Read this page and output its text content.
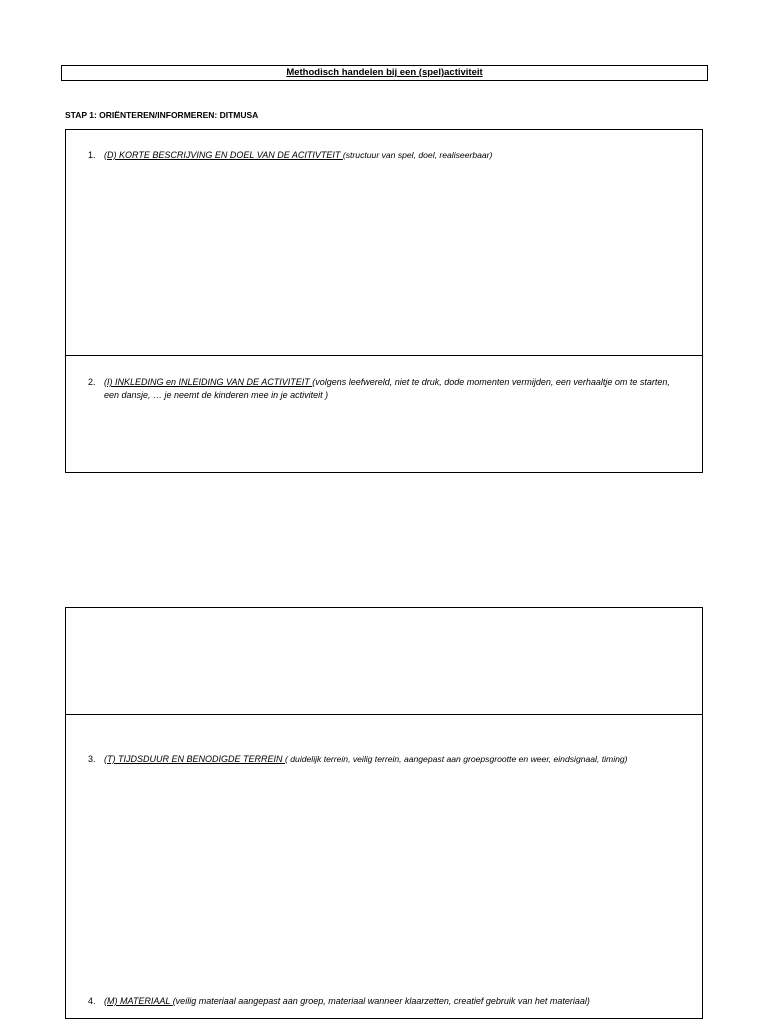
Methodisch handelen bij een (spel)activiteit
STAP 1: ORIËNTEREN/INFORMEREN: DITMUSA
1. (D) KORTE BESCRIJVING EN DOEL VAN DE ACITIVTEIT (structuur van spel, doel, realiseerbaar)
2. (I) INKLEDING en INLEIDING VAN DE ACTIVITEIT (volgens leefwereld, niet te druk, dode momenten vermijden, een verhaaltje om te starten, een dansje, … je neemt de kinderen mee in je activiteit )
3. (T) TIJDSDUUR EN BENODIGDE TERREIN ( duidelijk terrein, veilig terrein, aangepast aan groepsgrootte en weer, eindsignaal, timing)
4. (M) MATERIAAL (veilig materiaal aangepast aan groep, materiaal wanneer klaarzetten, creatief gebruik van het materiaal)
